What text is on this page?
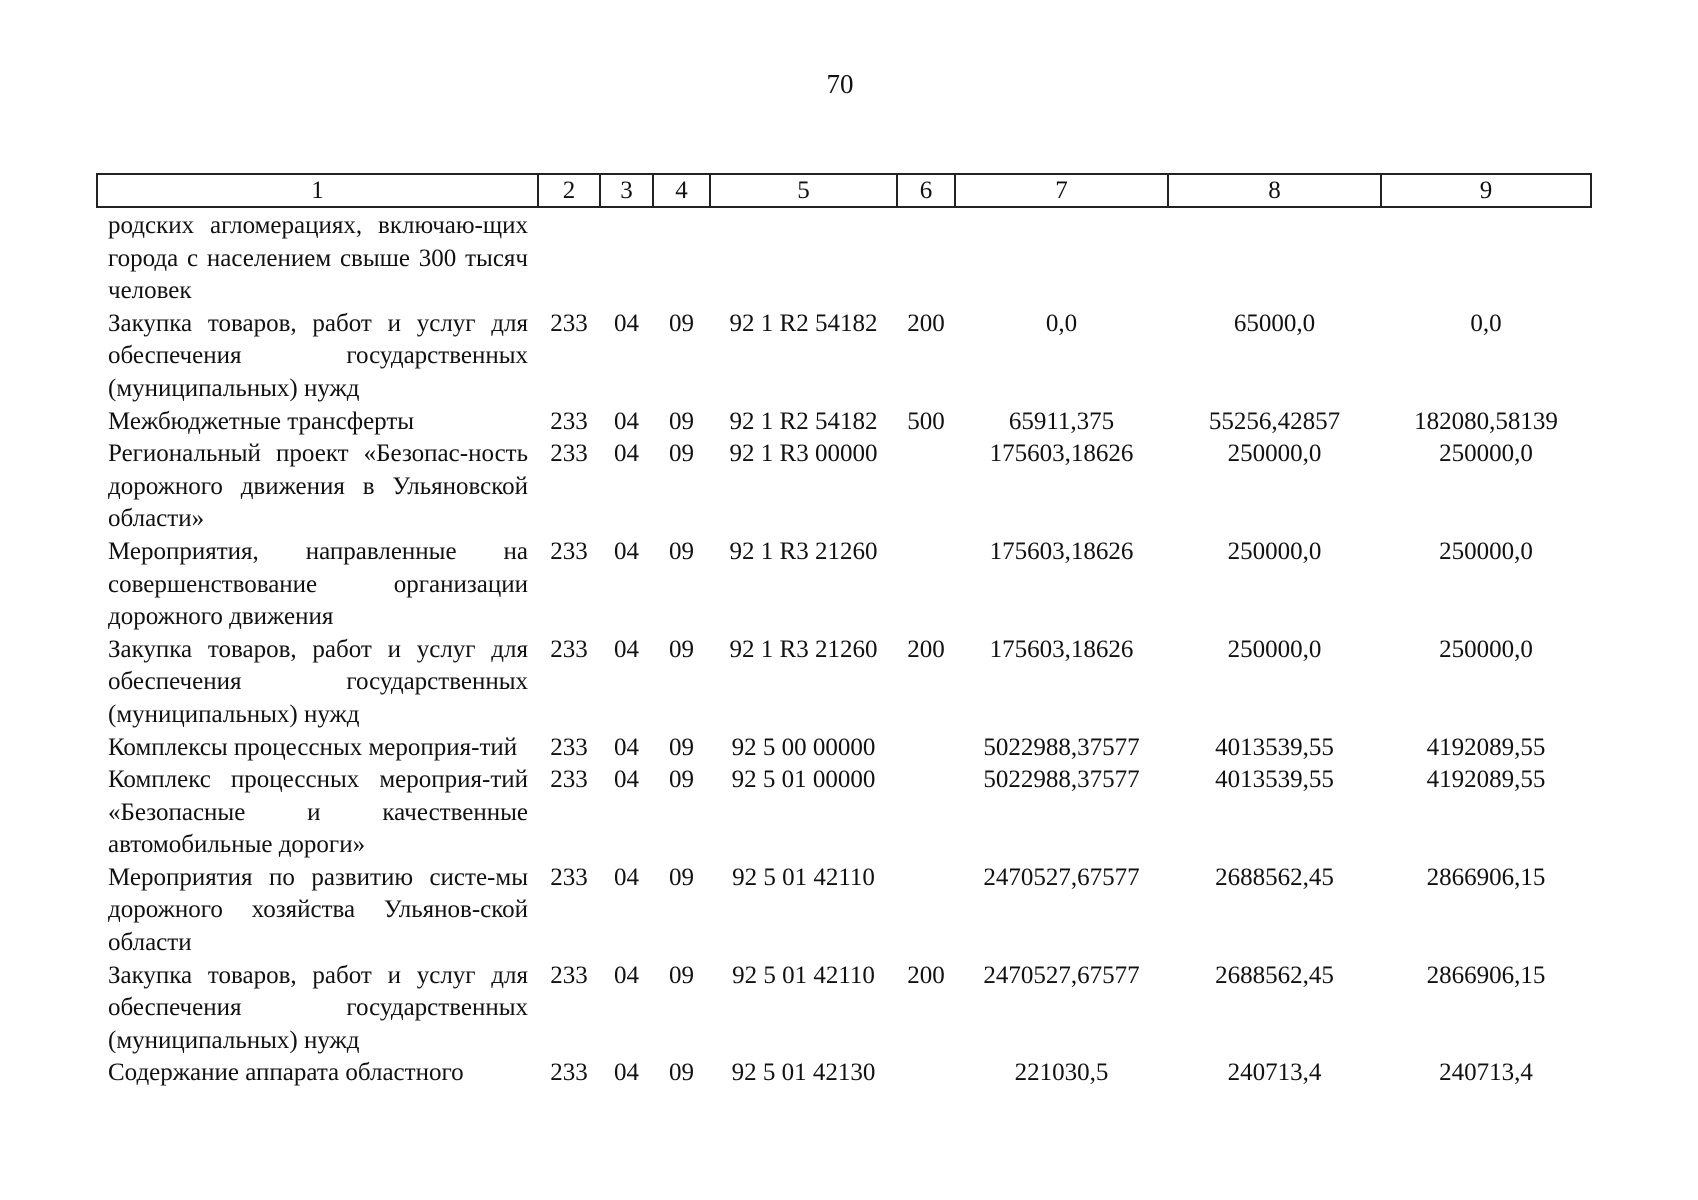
70
1	2	3	4	5	6	7	8	9
родских агломерациях, включаю-щих города с населением свыше 300 тысяч человек								
Закупка товаров, работ и услуг для обеспечения государственных (муниципальных) нужд	233	04	09	92 1 R2 54182	200	0,0	65000,0	0,0
Межбюджетные трансферты	233	04	09	92 1 R2 54182	500	65911,375	55256,42857	182080,58139
Региональный проект «Безопас-ность дорожного движения в Ульяновской области»	233	04	09	92 1 R3 00000		175603,18626	250000,0	250000,0
Мероприятия, направленные на совершенствование организации дорожного движения	233	04	09	92 1 R3 21260		175603,18626	250000,0	250000,0
Закупка товаров, работ и услуг для обеспечения государственных (муниципальных) нужд	233	04	09	92 1 R3 21260	200	175603,18626	250000,0	250000,0
Комплексы процессных мероприя-тий	233	04	09	92 5 00 00000		5022988,37577	4013539,55	4192089,55
Комплекс процессных мероприя-тий «Безопасные и качественные автомобильные дороги»	233	04	09	92 5 01 00000		5022988,37577	4013539,55	4192089,55
Мероприятия по развитию систе-мы дорожного хозяйства Ульянов-ской области	233	04	09	92 5 01 42110		2470527,67577	2688562,45	2866906,15
Закупка товаров, работ и услуг для обеспечения государственных (муниципальных) нужд	233	04	09	92 5 01 42110	200	2470527,67577	2688562,45	2866906,15
Содержание аппарата областного	233	04	09	92 5 01 42130		221030,5	240713,4	240713,4
